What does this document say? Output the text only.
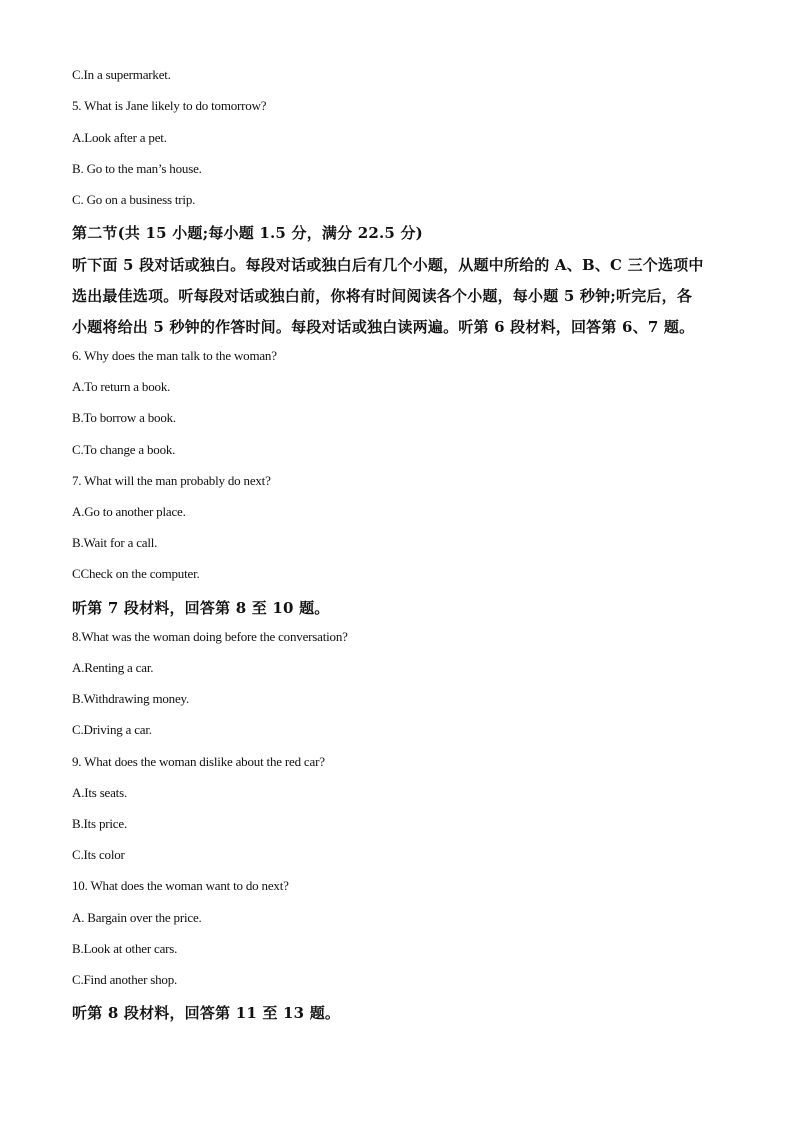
C.In a supermarket.
5. What is Jane likely to do tomorrow?
A.Look after a pet.
B. Go to the man’s house.
C. Go on a business trip.
第二节(共 15 小题;每小题 1.5 分，满分 22.5 分)
听下面 5 段对话或独白。每段对话或独白后有几个小题，从题中所给的 A、B、C 三个选项中
选出最佳选项。听每段对话或独白前，你将有时间阅读各个小题，每小题 5 秒钟;听完后，各
小题将给出 5 秒钟的作答时间。每段对话或独白读两遍。听第 6 段材料，回答第 6、7 题。
6. Why does the man talk to the woman?
A.To return a book.
B.To borrow a book.
C.To change a book.
7. What will the man probably do next?
A.Go to another place.
B.Wait for a call.
CCheck on the computer.
听第 7 段材料，回答第 8 至 10 题。
8.What was the woman doing before the conversation?
A.Renting a car.
B.Withdrawing money.
C.Driving a car.
9. What does the woman dislike about the red car?
A.Its seats.
B.Its price.
C.Its color
10. What does the woman want to do next?
A. Bargain over the price.
B.Look at other cars.
C.Find another shop.
听第 8 段材料，回答第 11 至 13 题。
